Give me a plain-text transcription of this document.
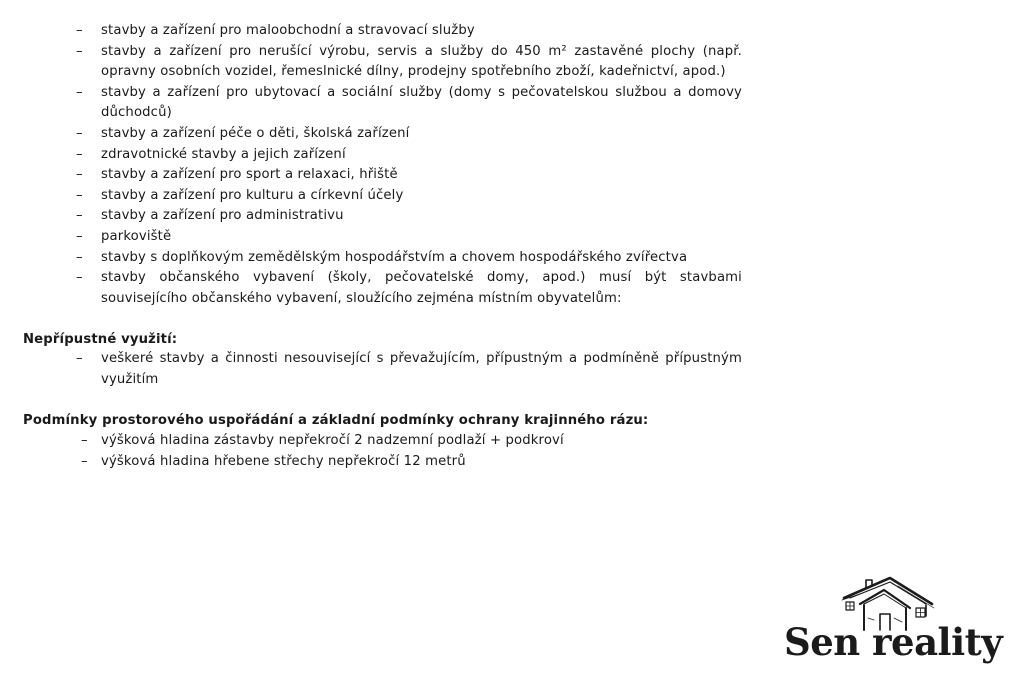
– stavby a zařízení pro maloobchodní a stravovací služby
– stavby a zařízení pro nerušící výrobu, servis a služby do 450 m² zastavěné plochy (např. opravny osobních vozidel, řemeslnické dílny, prodejny spotřebního zboží, kadeřnictví, apod.)
– stavby a zařízení pro ubytovací a sociální služby (domy s pečovatelskou službou a domovy důchodců)
– stavby a zařízení péče o děti, školská zařízení
– zdravotnické stavby a jejich zařízení
– stavby a zařízení pro sport a relaxaci, hřiště
– stavby a zařízení pro kulturu a církevní účely
– stavby a zařízení pro administrativu
– parkoviště
– stavby s doplňkovým zemědělským hospodářstvím a chovem hospodářského zvířectva
– stavby občanského vybavení (školy, pečovatelské domy, apod.) musí být stavbami souvisejícího občanského vybavení, sloužícího zejména místním obyvatelům:
Nepřípustné využití:
– veškeré stavby a činnosti nesouvisející s převažujícím, přípustným a podmíněně přípustným využitím
Podmínky prostorového uspořádání a základní podmínky ochrany krajinného rázu:
– výšková hladina zástavby nepřekročí 2 nadzemní podlaží + podkroví
– výšková hladina hřebene střechy nepřekročí 12 metrů
Sen reality
